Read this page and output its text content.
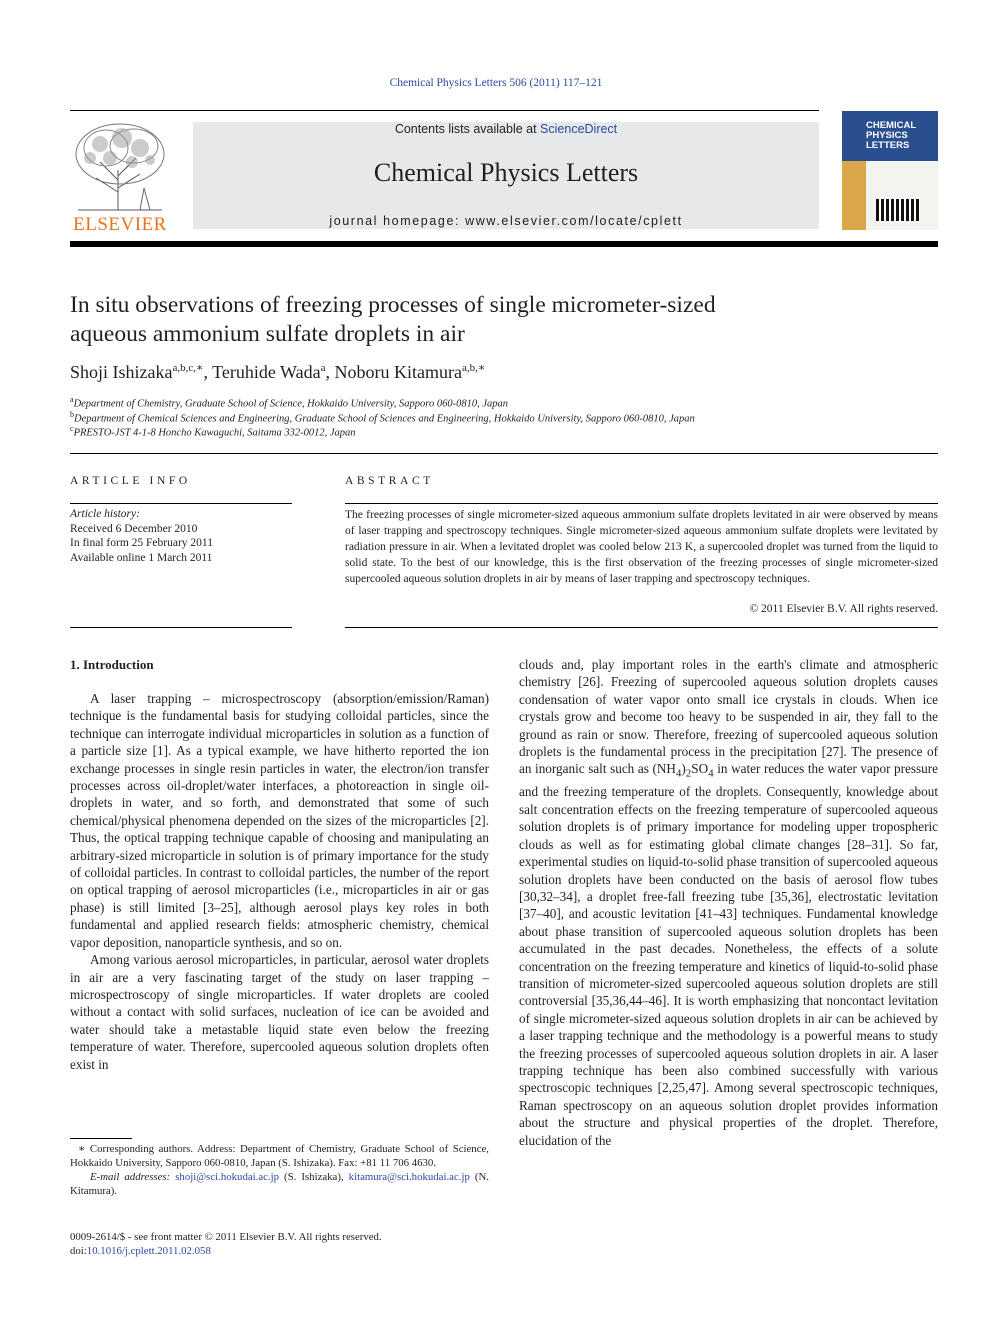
Chemical Physics Letters 506 (2011) 117–121
ELSEVIER
Contents lists available at ScienceDirect
Chemical Physics Letters
journal homepage: www.elsevier.com/locate/cplett
CHEMICAL
PHYSICS
LETTERS
In situ observations of freezing processes of single micrometer-sized
aqueous ammonium sulfate droplets in air
Shoji Ishizaka$^{a,b,c,∗}$, Teruhide Wada$^a$, Noboru Kitamura$^{a,b,∗}$
$^a$Department of Chemistry, Graduate School of Science, Hokkaido University, Sapporo 060-0810, Japan
$^b$Department of Chemical Sciences and Engineering, Graduate School of Sciences and Engineering, Hokkaido University, Sapporo 060-0810, Japan
$^c$PRESTO-JST 4-1-8 Honcho Kawaguchi, Saitama 332-0012, Japan
ARTICLE INFO	ABSTRACT
Article history:
Received 6 December 2010
In final form 25 February 2011
Available online 1 March 2011
The freezing processes of single micrometer-sized aqueous ammonium sulfate droplets levitated in air were observed by means of laser trapping and spectroscopy techniques. Single micrometer-sized aqueous ammonium sulfate droplets were levitated by radiation pressure in air. When a levitated droplet was cooled below 213 K, a supercooled droplet was turned from the liquid to solid state. To the best of our knowledge, this is the first observation of the freezing processes of single micrometer-sized supercooled aqueous solution droplets in air by means of laser trapping and spectroscopy techniques.
© 2011 Elsevier B.V. All rights reserved.
1. Introduction

A laser trapping – microspectroscopy (absorption/emission/Raman) technique is the fundamental basis for studying colloidal particles, since the technique can interrogate individual microparticles in solution as a function of a particle size [1]. As a typical example, we have hitherto reported the ion exchange processes in single resin particles in water, the electron/ion transfer processes across oil-droplet/water interfaces, a photoreaction in single oil-droplets in water, and so forth, and demonstrated that some of such chemical/physical phenomena depended on the sizes of the microparticles [2]. Thus, the optical trapping technique capable of choosing and manipulating an arbitrary-sized microparticle in solution is of primary importance for the study of colloidal particles. In contrast to colloidal particles, the number of the report on optical trapping of aerosol microparticles (i.e., microparticles in air or gas phase) is still limited [3–25], although aerosol plays key roles in both fundamental and applied research fields: atmospheric chemistry, chemical vapor deposition, nanoparticle synthesis, and so on.

Among various aerosol microparticles, in particular, aerosol water droplets in air are a very fascinating target of the study on laser trapping – microspectroscopy of single microparticles. If water droplets are cooled without a contact with solid surfaces, nucleation of ice can be avoided and water should take a metastable liquid state even below the freezing temperature of water. Therefore, supercooled aqueous solution droplets often exist in

clouds and, play important roles in the earth's climate and atmospheric chemistry [26]. Freezing of supercooled aqueous solution droplets causes condensation of water vapor onto small ice crystals in clouds. When ice crystals grow and become too heavy to be suspended in air, they fall to the ground as rain or snow. Therefore, freezing of supercooled aqueous solution droplets is the fundamental process in the precipitation [27]. The presence of an inorganic salt such as $(NH_4)_2SO_4$ in water reduces the water vapor pressure and the freezing temperature of the droplets. Consequently, knowledge about salt concentration effects on the freezing temperature of supercooled aqueous solution droplets is of primary importance for modeling upper tropospheric clouds as well as for estimating global climate changes [28–31]. So far, experimental studies on liquid-to-solid phase transition of supercooled aqueous solution droplets have been conducted on the basis of aerosol flow tubes [30,32–34], a droplet free-fall freezing tube [35,36], electrostatic levitation [37–40], and acoustic levitation [41–43] techniques. Fundamental knowledge about phase transition of supercooled aqueous solution droplets has been accumulated in the past decades. Nonetheless, the effects of a solute concentration on the freezing temperature and kinetics of liquid-to-solid phase transition of micrometer-sized supercooled aqueous solution droplets are still controversial [35,36,44–46]. It is worth emphasizing that noncontact levitation of single micrometer-sized aqueous solution droplets in air can be achieved by a laser trapping technique and the methodology is a powerful means to study the freezing processes of supercooled aqueous solution droplets in air. A laser trapping technique has been also combined successfully with various spectroscopic techniques [2,25,47]. Among several spectroscopic techniques, Raman spectroscopy on an aqueous solution droplet provides information about the structure and physical properties of the droplet. Therefore, elucidation of the

∗ Corresponding authors. Address: Department of Chemistry, Graduate School of Science, Hokkaido University, Sapporo 060-0810, Japan (S. Ishizaka). Fax: +81 11 706 4630.
E-mail addresses: shoji@sci.hokudai.ac.jp (S. Ishizaka), kitamura@sci.hokudai.ac.jp (N. Kitamura).
0009-2614/$ - see front matter © 2011 Elsevier B.V. All rights reserved.
doi:10.1016/j.cplett.2011.02.058
